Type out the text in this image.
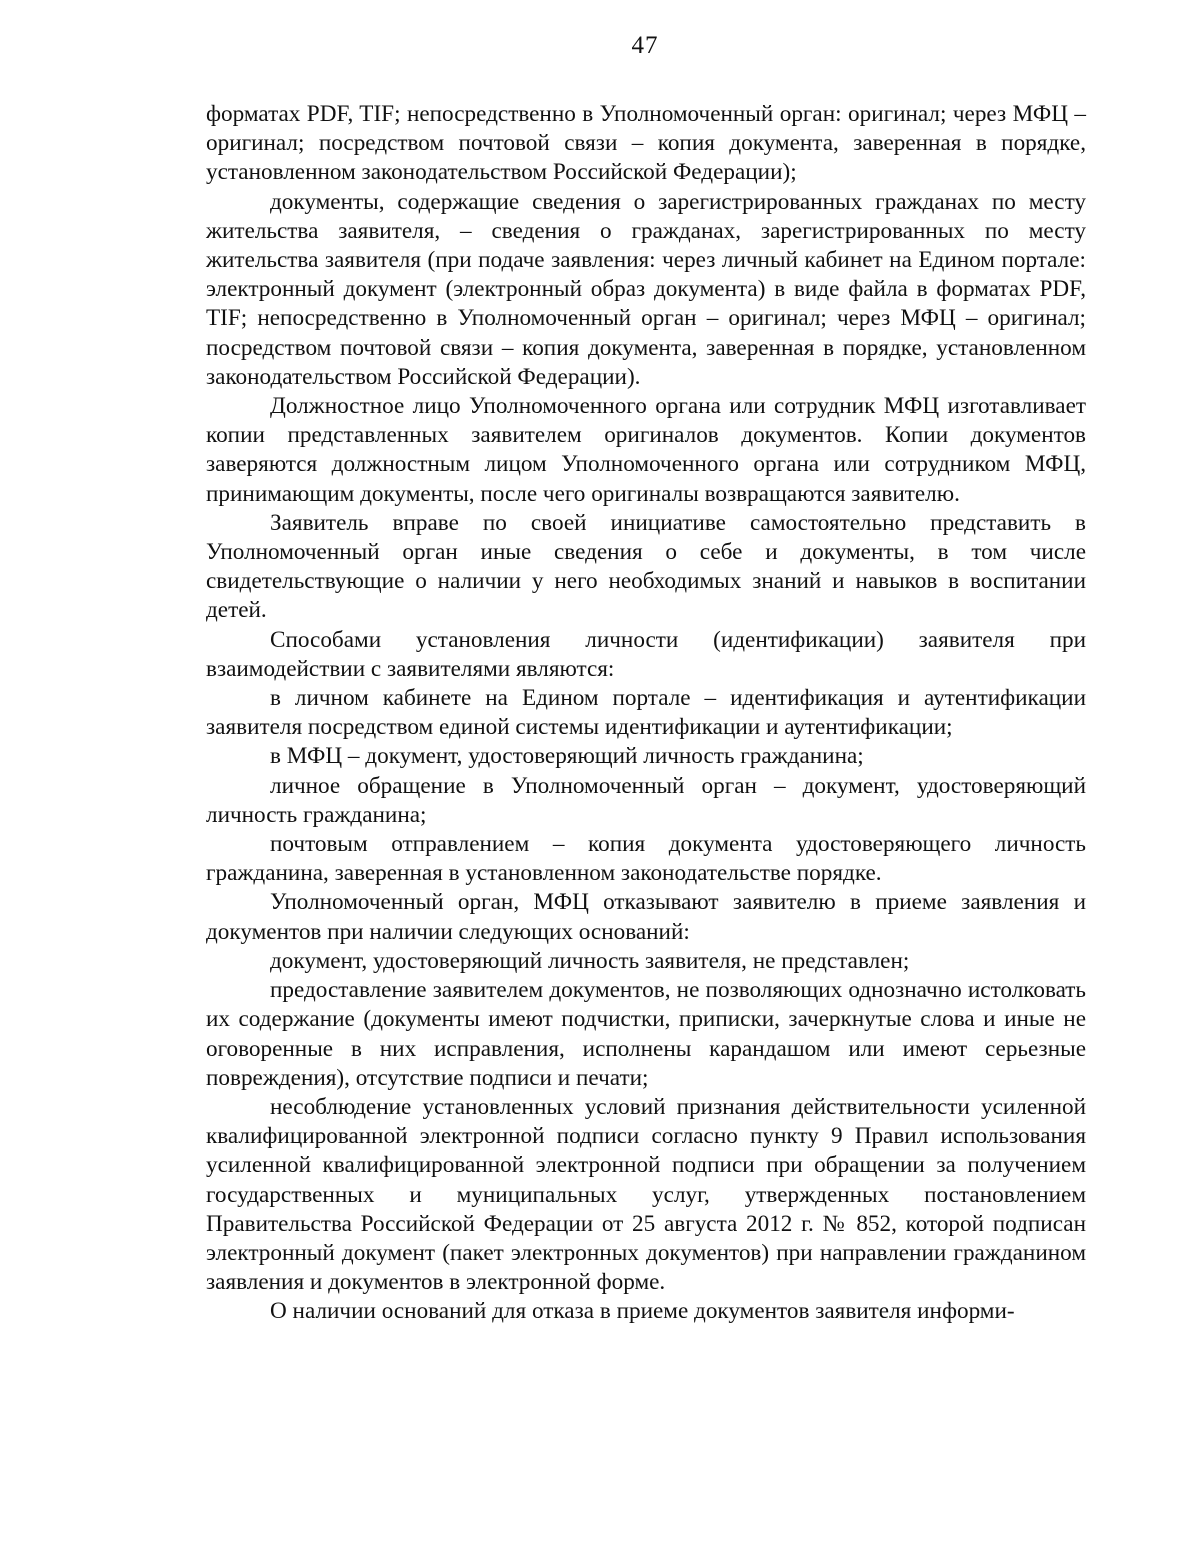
47

форматах PDF, TIF; непосредственно в Уполномоченный орган: оригинал; через МФЦ – оригинал; посредством почтовой связи – копия документа, заверенная в порядке, установленном законодательством Российской Федерации);

документы, содержащие сведения о зарегистрированных гражданах по месту жительства заявителя, – сведения о гражданах, зарегистрированных по месту жительства заявителя (при подаче заявления: через личный кабинет на Едином портале: электронный документ (электронный образ документа) в виде файла в форматах PDF, TIF; непосредственно в Уполномоченный орган – оригинал; через МФЦ – оригинал; посредством почтовой связи – копия документа, заверенная в порядке, установленном законодательством Российской Федерации).

Должностное лицо Уполномоченного органа или сотрудник МФЦ изготавливает копии представленных заявителем оригиналов документов. Копии документов заверяются должностным лицом Уполномоченного органа или сотрудником МФЦ, принимающим документы, после чего оригиналы возвращаются заявителю.

Заявитель вправе по своей инициативе самостоятельно представить в Уполномоченный орган иные сведения о себе и документы, в том числе свидетельствующие о наличии у него необходимых знаний и навыков в воспитании детей.

Способами установления личности (идентификации) заявителя при взаимодействии с заявителями являются:

в личном кабинете на Едином портале – идентификация и аутентификации заявителя посредством единой системы идентификации и аутентификации;

в МФЦ – документ, удостоверяющий личность гражданина;

личное обращение в Уполномоченный орган – документ, удостоверяющий личность гражданина;

почтовым отправлением – копия документа удостоверяющего личность гражданина, заверенная в установленном законодательстве порядке.

Уполномоченный орган, МФЦ отказывают заявителю в приеме заявления и документов при наличии следующих оснований:

документ, удостоверяющий личность заявителя, не представлен;

предоставление заявителем документов, не позволяющих однозначно истолковать их содержание (документы имеют подчистки, приписки, зачеркнутые слова и иные не оговоренные в них исправления, исполнены карандашом или имеют серьезные повреждения), отсутствие подписи и печати;

несоблюдение установленных условий признания действительности усиленной квалифицированной электронной подписи согласно пункту 9 Правил использования усиленной квалифицированной электронной подписи при обращении за получением государственных и муниципальных услуг, утвержденных постановлением Правительства Российской Федерации от 25 августа 2012 г. № 852, которой подписан электронный документ (пакет электронных документов) при направлении гражданином заявления и документов в электронной форме.

О наличии оснований для отказа в приеме документов заявителя информи-
